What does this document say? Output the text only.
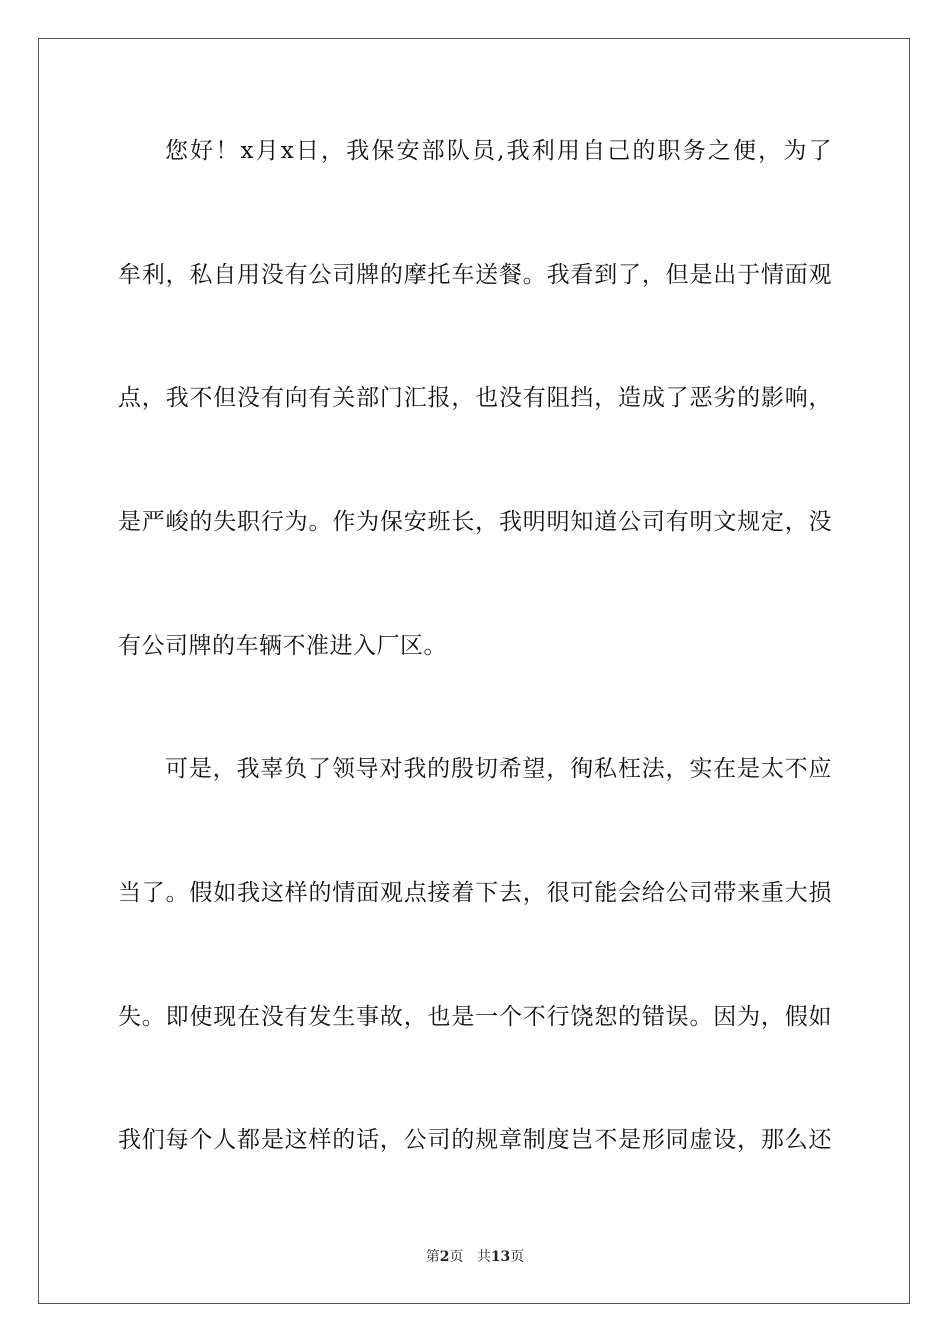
您好！x月x日，我保安部队员,我利用自己的职务之便，为了
牟利，私自用没有公司牌的摩托车送餐。我看到了，但是出于情面观
点，我不但没有向有关部门汇报，也没有阻挡，造成了恶劣的影响，
是严峻的失职行为。作为保安班长，我明明知道公司有明文规定，没
有公司牌的车辆不准进入厂区。
可是，我辜负了领导对我的殷切希望，徇私枉法，实在是太不应
当了。假如我这样的情面观点接着下去，很可能会给公司带来重大损
失。即使现在没有发生事故，也是一个不行饶恕的错误。因为，假如
我们每个人都是这样的话，公司的规章制度岂不是形同虚设，那么还
第2页 共13页
